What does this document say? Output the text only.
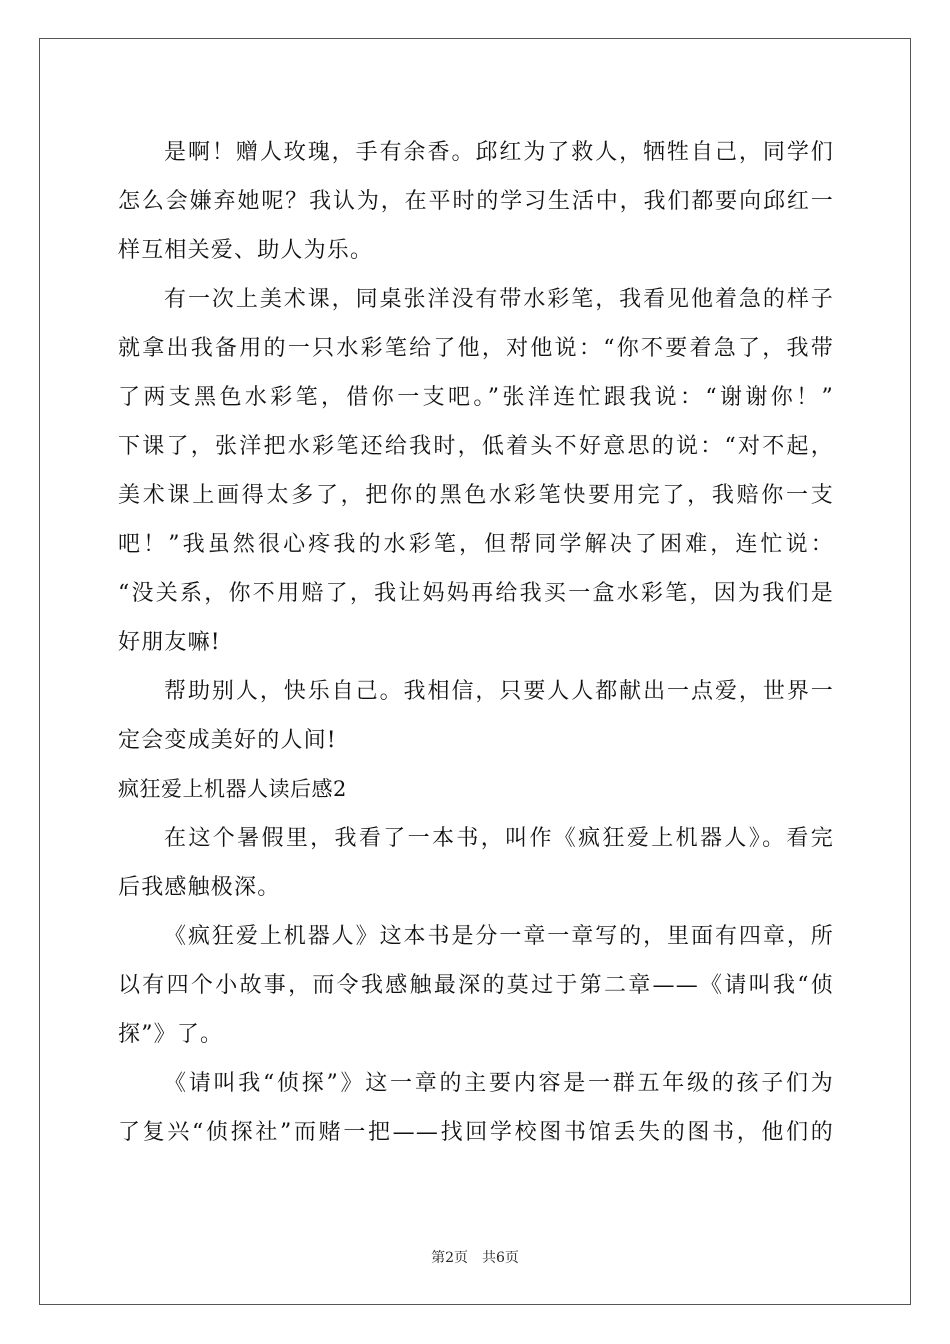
是啊！赠人玫瑰，手有余香。邱红为了救人，牺牲自己，同学们
怎么会嫌弃她呢？我认为，在平时的学习生活中，我们都要向邱红一
样互相关爱、助人为乐。
有一次上美术课，同桌张洋没有带水彩笔，我看见他着急的样子
就拿出我备用的一只水彩笔给了他，对他说：“你不要着急了，我带
了两支黑色水彩笔，借你一支吧。”张洋连忙跟我说：“谢谢你！”
下课了，张洋把水彩笔还给我时，低着头不好意思的说：“对不起，
美术课上画得太多了，把你的黑色水彩笔快要用完了，我赔你一支
吧！”我虽然很心疼我的水彩笔，但帮同学解决了困难，连忙说：
“没关系，你不用赔了，我让妈妈再给我买一盒水彩笔，因为我们是
好朋友嘛!
帮助别人，快乐自己。我相信，只要人人都献出一点爱，世界一
定会变成美好的人间!
疯狂爱上机器人读后感2
在这个暑假里，我看了一本书，叫作《疯狂爱上机器人》。看完
后我感触极深。
《疯狂爱上机器人》这本书是分一章一章写的，里面有四章，所
以有四个小故事，而令我感触最深的莫过于第二章——《请叫我“侦
探”》了。
《请叫我“侦探”》这一章的主要内容是一群五年级的孩子们为
了复兴“侦探社”而赌一把——找回学校图书馆丢失的图书，他们的
第2页 共6页
